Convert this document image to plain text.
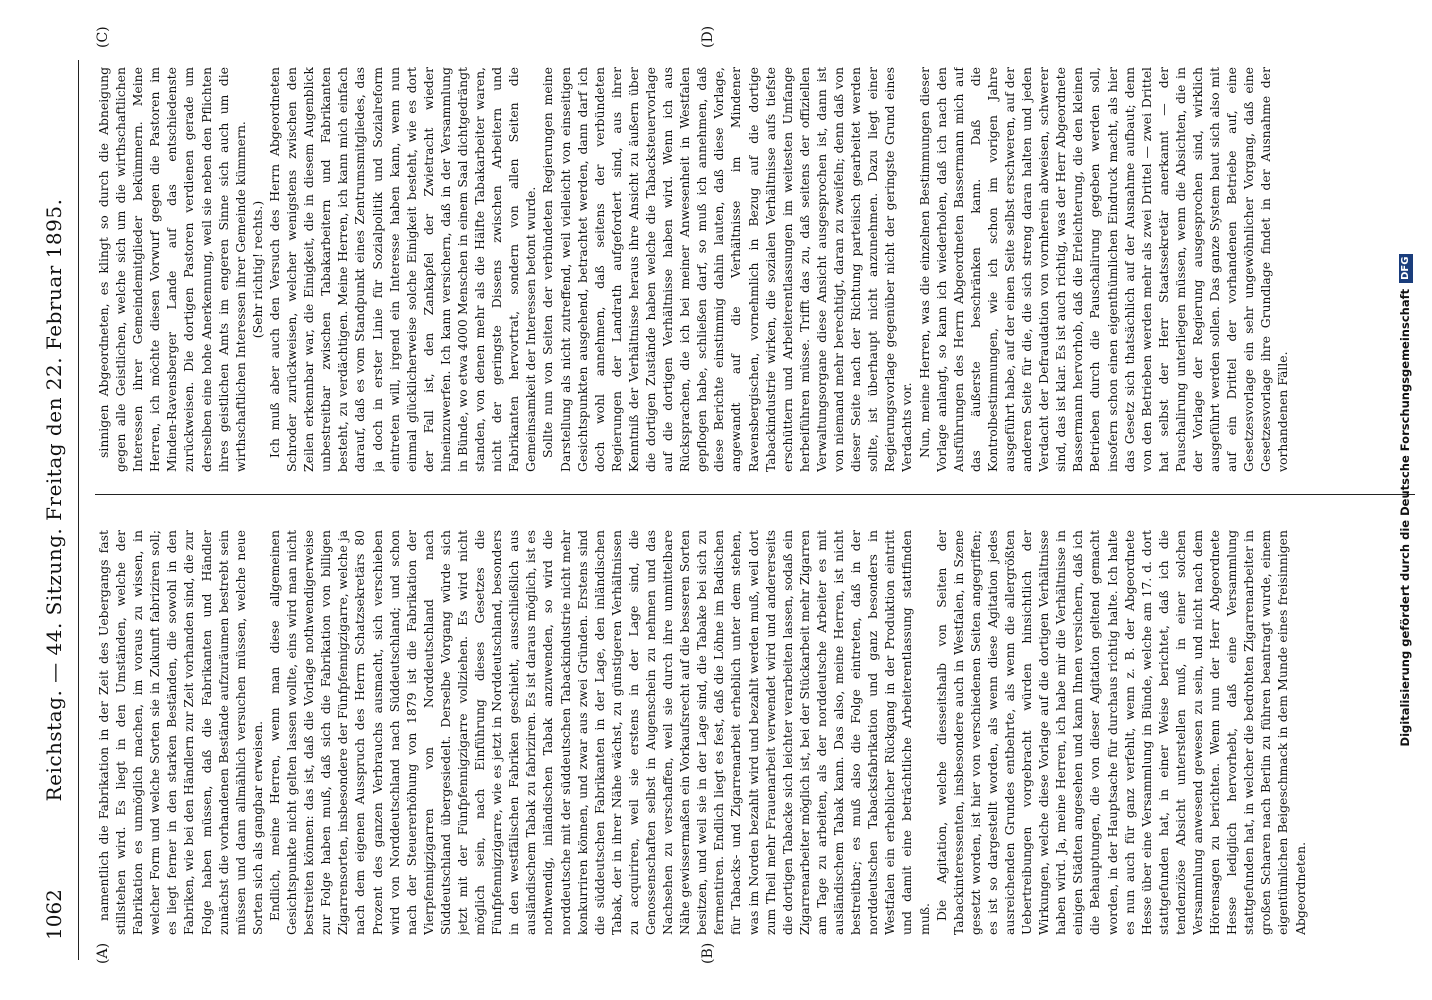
1062
Reichstag. — 44. Sitzung. Freitag den 22. Februar 1895.
(A)	(B)
(C)	(D)

namentlich die Fabrikation in der Zeit des Uebergangs fast stillstehen wird. Es liegt in den Umständen, welche der Fabrikation es unmöglich machen, im voraus zu wissen, in welcher Form und welche Sorten sie in Zukunft fabriziren soll; es liegt ferner in den starken Beständen, die sowohl in den Fabriken, wie bei den Händlern zur Zeit vorhanden sind, die zur Folge haben müssen, daß die Fabrikanten und Händler zunächst die vorhandenen Bestände aufzuräumen bestrebt sein müssen und dann allmählich versuchen müssen, welche neue Sorten sich als gangbar erweisen. Endlich, meine Herren, wenn man diese allgemeinen Gesichtspunkte nicht gelten lassen wollte, eins wird man nicht bestreiten können: das ist, daß die Vorlage nothwendigerweise zur Folge haben muß, daß sich die Fabrikation von billigen Zigarrensorten, insbesondere der Fünfpfennigzigarre, welche ja nach dem eigenen Ausspruch des Herrn Schatzsekretärs 80 Prozent des ganzen Verbrauchs ausmacht, sich verschieben wird von Norddeutschland nach Süddeutschland; und schon nach der Steuererhöhung von 1879 ist die Fabrikation der Vierpfennigzigarren von Norddeutschland nach Süddeutschland übergesiedelt. Derselbe Vorgang würde sich jetzt mit der Fünfpfennigzigarre vollziehen. Es wird nicht möglich sein, nach Einführung dieses Gesetzes die Fünfpfennigzigarre, wie es jetzt in Norddeutschland, besonders in den westfälischen Fabriken geschieht, ausschließlich aus ausländischem Tabak zu fabriziren. Es ist daraus möglich, ist es nothwendig, inländischen Tabak anzuwenden, so wird die norddeutsche mit der süddeutschen Tabackindustrie nicht mehr konkurriren können, und zwar aus zwei Gründen. Erstens sind die süddeutschen Fabrikanten in der Lage, den inländischen Tabak, der in ihrer Nähe wächst, zu günstigeren Verhältnissen zu acquiriren, weil sie erstens in der Lage sind, die Genossenschaften selbst in Augenschein zu nehmen und das Nachsehen zu verschaffen, weil sie durch ihre unmittelbare Nähe gewissermaßen ein Vorkaufsrecht auf die besseren Sorten besitzen, und weil sie in der Lage sind, die Tabake bei sich zu fermentiren. Endlich liegt es fest, daß die Löhne im Badischen für Tabacks- und Zigarrenarbeit erheblich unter dem stehen, was im Norden bezahlt wird und bezahlt werden muß, weil dort zum Theil mehr Frauenarbeit verwendet wird und andererseits die dortigen Tabacke sich leichter verarbeiten lassen, sodaß ein Zigarrenarbeiter möglich ist, bei der Stückarbeit mehr Zigarren am Tage zu arbeiten, als der norddeutsche Arbeiter es mit ausländischem Tabak kann. Das also, meine Herren, ist nicht bestreitbar; es muß also die Folge eintreten, daß in der norddeutschen Tabacksfabrikation und ganz besonders in Westfalen ein erheblicher Rückgang in der Produktion eintritt und damit eine beträchtliche Arbeiterentlassung stattfinden muß. Die Agitation, welche diesseitshalb von Seiten der Tabackinteressenten, insbesondere auch in Westfalen, in Szene gesetzt worden, ist hier von verschiedenen Seiten angegriffen; es ist so dargestellt worden, als wenn diese Agitation jedes ausreichenden Grundes entbehrte, als wenn die allergrößten Uebertreibungen vorgebracht würden hinsichtlich der Wirkungen, welche diese Vorlage auf die dortigen Verhältnisse haben wird. Ja, meine Herren, ich habe mir die Verhältnisse in einigen Städten angesehen und kann Ihnen versichern, daß ich die Behauptungen, die von dieser Agitation geltend gemacht worden, in der Hauptsache für durchaus richtig halte. Ich halte es nun auch für ganz verfehlt, wenn z. B. der Abgeordnete Hesse über eine Versammlung in Bünde, welche am 17. d. dort stattgefunden hat, in einer Weise berichtet, daß ich die tendenziöse Absicht unterstellen muß, in einer solchen Versammlung anwesend gewesen zu sein, und nicht nach dem Hörensagen zu berichten. Wenn nun der Herr Abgeordnete Hesse lediglich hervorhebt, daß eine Versammlung stattgefunden hat, in welcher die bedrohten Zigarrenarbeiter in großen Scharen nach Berlin zu führen beantragt wurde, einem eigentümlichen Beigeschmack in dem Munde eines freisinnigen Abgeordneten.

sinnigen Abgeordneten, es klingt so durch die Abneigung gegen alle Geistlichen, welche sich um die wirthschaftlichen Interessen ihrer Gemeindemitglieder bekümmern. Meine Herren, ich möchte diesen Vorwurf gegen die Pastoren im Minden-Ravensberger Lande auf das entschiedenste zurückweisen. Die dortigen Pastoren verdienen gerade um derselben eine hohe Anerkennung, weil sie neben den Pflichten ihres geistlichen Amts im engeren Sinne sich auch um die wirthschaftlichen Interessen ihrer Gemeinde kümmern. (Sehr richtig! rechts.) Ich muß aber auch den Versuch des Herrn Abgeordneten Schroder zurückweisen, welcher wenigstens zwischen den Zeilen erkennbar war, die Einigkeit, die in diesem Augenblick unbestreitbar zwischen Tabakarbeitern und Fabrikanten besteht, zu verdächtigen. Meine Herren, ich kann mich einfach darauf, daß es vom Standpunkt eines Zentrumsmitgliedes, das ja doch in erster Linie für Sozialpolitik und Sozialreform eintreten will, irgend ein Interesse haben kann, wenn nun einmal glücklicherweise solche Einigkeit besteht, wie es dort der Fall ist, den Zankapfel der Zwietracht wieder hineinzuwerfen. Ich kann versichern, daß in der Versammlung in Bünde, wo etwa 4000 Menschen in einem Saal dichtgedrängt standen, von denen mehr als die Hälfte Tabakarbeiter waren, nicht der geringste Dissens zwischen Arbeitern und Fabrikanten hervortrat, sondern von allen Seiten die Gemeinsamkeit der Interessen betont wurde. Sollte nun von Seiten der verbündeten Regierungen meine Darstellung als nicht zutreffend, weil vielleicht von einseitigen Gesichtspunkten ausgehend, betrachtet werden, dann darf ich doch wohl annehmen, daß seitens der verbündeten Regierungen der Landrath aufgefordert sind, aus ihrer Kenntniß der Verhältnisse heraus ihre Ansicht zu äußern über die dortigen Zustände haben welche die Tabacksteuervorlage auf die dortigen Verhältnisse haben wird. Wenn ich aus Rücksprachen, die ich bei meiner Anwesenheit in Westfalen gepflogen habe, schließen darf, so muß ich annehmen, daß diese Berichte einstimmig dahin lauten, daß diese Vorlage, angewandt auf die Verhältnisse im Mindener Ravensbergischen, vornehmlich in Bezug auf die dortige Tabackindustrie wirken, die sozialen Verhältnisse aufs tiefste erschüttern und Arbeiterentlassungen im weitesten Umfange herbeiführen müsse. Trifft das zu, daß seitens der offiziellen Verwaltungsorgane diese Ansicht ausgesprochen ist, dann ist von niemand mehr berechtigt, daran zu zweifeln; denn daß von dieser Seite nach der Richtung parteiisch gearbeitet werden sollte, ist überhaupt nicht anzunehmen. Dazu liegt einer Regierungsvorlage gegenüber nicht der geringste Grund eines Verdachts vor. Nun, meine Herren, was die einzelnen Bestimmungen dieser Vorlage anlangt, so kann ich wiederholen, daß ich nach den Ausführungen des Herrn Abgeordneten Bassermann mich auf das äußerste beschränken kann. Daß die Kontrolbestimmungen, wie ich schon im vorigen Jahre ausgeführt habe, auf der einen Seite selbst erschweren, auf der anderen Seite für die, die sich streng daran halten und jeden Verdacht der Defraudation von vornherein abweisen, schwerer sind, das ist klar. Es ist auch richtig, was der Herr Abgeordnete Bassermann hervorhob, daß die Erleichterung, die den kleinen Betrieben durch die Pauschalirung gegeben werden soll, insofern schon einen eigenthümlichen Eindruck macht, als hier das Gesetz sich thatsächlich auf der Ausnahme aufbaut; denn von den Betrieben werden mehr als zwei Drittel — zwei Drittel hat selbst der Herr Staatssekretär anerkannt — der Pauschalirung unterliegen müssen, wenn die Absichten, die in der Vorlage der Regierung ausgesprochen sind, wirklich ausgeführt werden sollen. Das ganze System baut sich also mit auf ein Drittel der vorhandenen Betriebe auf, eine Gesetzesvorlage ein sehr ungewöhnlicher Vorgang, daß eine Gesetzesvorlage ihre Grundlage findet in der Ausnahme der vorhandenen Fälle.	Digitalisierung gefördert durch die Deutsche ForschungsgemeinschaftDFG
